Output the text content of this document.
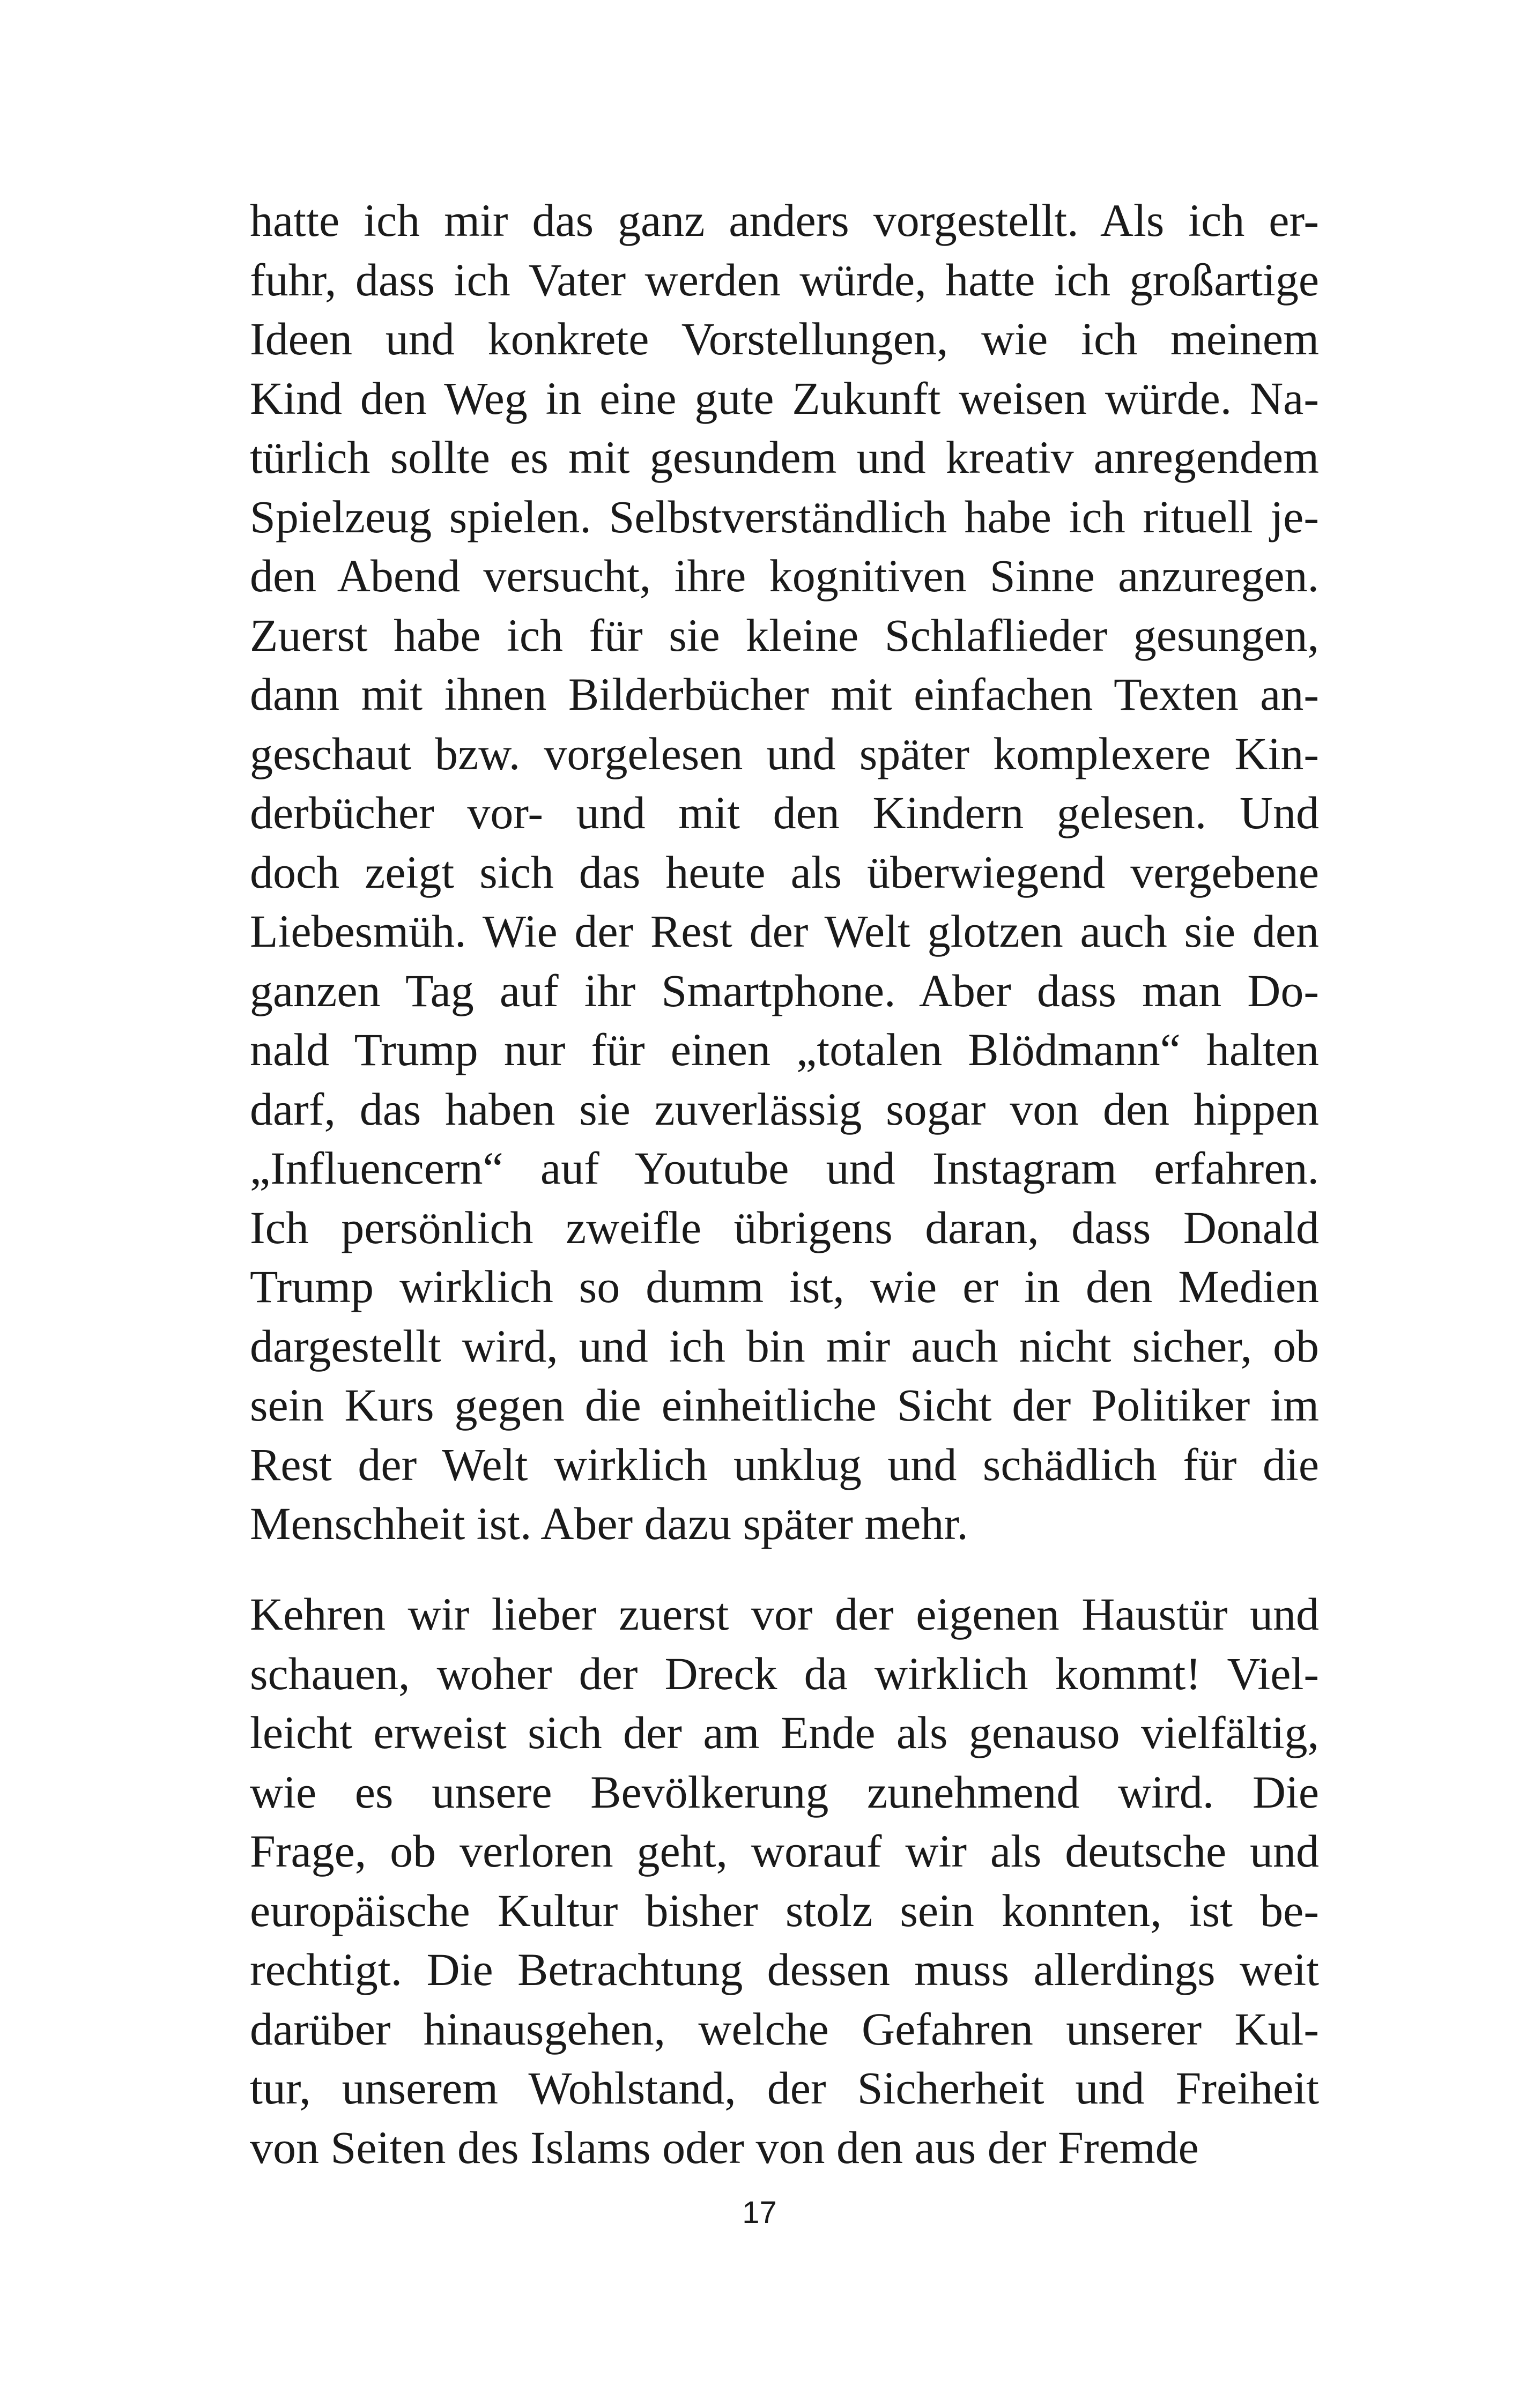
hatte ich mir das ganz anders vorgestellt. Als ich er-
fuhr, dass ich Vater werden würde, hatte ich großartige
Ideen und konkrete Vorstellungen, wie ich meinem
Kind den Weg in eine gute Zukunft weisen würde. Na-
türlich sollte es mit gesundem und kreativ anregendem
Spielzeug spielen. Selbstverständlich habe ich rituell je-
den Abend versucht, ihre kognitiven Sinne anzuregen.
Zuerst habe ich für sie kleine Schlaflieder gesungen,
dann mit ihnen Bilderbücher mit einfachen Texten an-
geschaut bzw. vorgelesen und später komplexere Kin-
derbücher vor- und mit den Kindern gelesen. Und
doch zeigt sich das heute als überwiegend vergebene
Liebesmüh. Wie der Rest der Welt glotzen auch sie den
ganzen Tag auf ihr Smartphone. Aber dass man Do-
nald Trump nur für einen „totalen Blödmann“ halten
darf, das haben sie zuverlässig sogar von den hippen
„Influencern“ auf Youtube und Instagram erfahren.
Ich persönlich zweifle übrigens daran, dass Donald
Trump wirklich so dumm ist, wie er in den Medien
dargestellt wird, und ich bin mir auch nicht sicher, ob
sein Kurs gegen die einheitliche Sicht der Politiker im
Rest der Welt wirklich unklug und schädlich für die
Menschheit ist. Aber dazu später mehr.
Kehren wir lieber zuerst vor der eigenen Haustür und
schauen, woher der Dreck da wirklich kommt! Viel-
leicht erweist sich der am Ende als genauso vielfältig,
wie es unsere Bevölkerung zunehmend wird. Die
Frage, ob verloren geht, worauf wir als deutsche und
europäische Kultur bisher stolz sein konnten, ist be-
rechtigt. Die Betrachtung dessen muss allerdings weit
darüber hinausgehen, welche Gefahren unserer Kul-
tur, unserem Wohlstand, der Sicherheit und Freiheit
von Seiten des Islams oder von den aus der Fremde
17
